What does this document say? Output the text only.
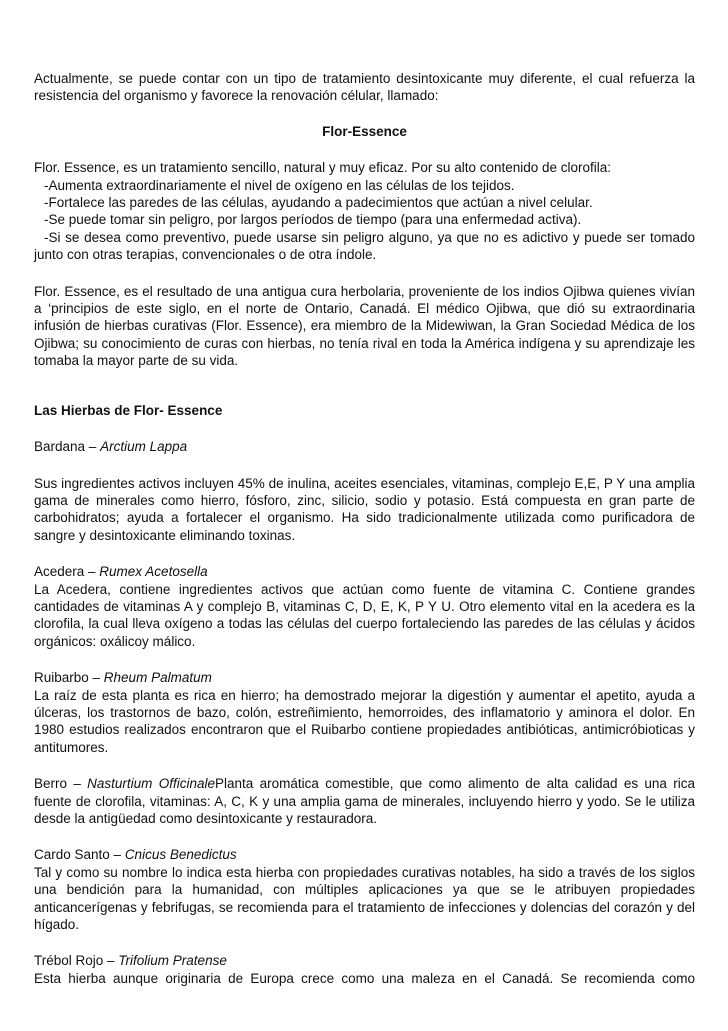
Actualmente, se puede contar con un tipo de tratamiento desintoxicante muy diferente, el cual refuerza la resistencia del organismo y favorece la renovación célular, llamado:

Flor-Essence

Flor. Essence, es un tratamiento sencillo, natural y muy eficaz. Por su alto contenido de clorofila:

-Aumenta extraordinariamente el nivel de oxígeno en las células de los tejidos.

-Fortalece las paredes de las células, ayudando a padecimientos que actúan a nivel celular.

-Se puede tomar sin peligro, por largos períodos de tiempo (para una enfermedad activa).

-Si se desea como preventivo, puede usarse sin peligro alguno, ya que no es adictivo y puede ser tomado junto con otras terapias, convencionales o de otra índole.

Flor. Essence, es el resultado de una antigua cura herbolaria, proveniente de los indios Ojibwa quienes vivían a ‘principios de este siglo, en el norte de Ontario, Canadá. El médico Ojibwa, que dió su extraordinaria infusión de hierbas curativas (Flor. Essence), era miembro de la Midewiwan, la Gran Sociedad Médica de los Ojibwa; su conocimiento de curas con hierbas, no tenía rival en toda la América indígena y su aprendizaje les tomaba la mayor parte de su vida.

Las Hierbas de Flor- Essence

Bardana – Arctium Lappa

Sus ingredientes activos incluyen 45% de inulina, aceites esenciales, vitaminas, complejo E,E, P Y una amplia gama de minerales como hierro, fósforo, zinc, silicio, sodio y potasio. Está compuesta en gran parte de carbohidratos; ayuda a fortalecer el organismo. Ha sido tradicionalmente utilizada como purificadora de sangre y desintoxicante eliminando toxinas.

Acedera – Rumex Acetosella

La Acedera, contiene ingredientes activos que actúan como fuente de vitamina C. Contiene grandes cantidades de vitaminas A y complejo B, vitaminas C, D, E, K, P Y U. Otro elemento vital en la acedera es la clorofila, la cual lleva oxígeno a todas las células del cuerpo fortaleciendo las paredes de las células y ácidos orgánicos: oxálicoy málico.

Ruibarbo – Rheum Palmatum

La raíz de esta planta es rica en hierro; ha demostrado mejorar la digestión y aumentar el apetito, ayuda a úlceras, los trastornos de bazo, colón, estreñimiento, hemorroides, des inflamatorio y aminora el dolor. En 1980 estudios realizados encontraron que el Ruibarbo contiene propiedades antibióticas, antimicróbioticas y antitumores.

Berro – Nasturtium OfficinalePlanta aromática comestible, que como alimento de alta calidad es una rica fuente de clorofila, vitaminas: A, C, K y una amplia gama de minerales, incluyendo hierro y yodo. Se le utiliza desde la antigüedad como desintoxicante y restauradora.

Cardo Santo – Cnicus Benedictus

Tal y como su nombre lo indica esta hierba con propiedades curativas notables, ha sido a través de los siglos una bendición para la humanidad, con múltiples aplicaciones ya que se le atribuyen propiedades anticancerígenas y febrifugas, se recomienda para el tratamiento de infecciones y dolencias del corazón y del hígado.

Trébol Rojo – Trifolium Pratense

Esta hierba aunque originaria de Europa crece como una maleza en el Canadá. Se recomienda como
